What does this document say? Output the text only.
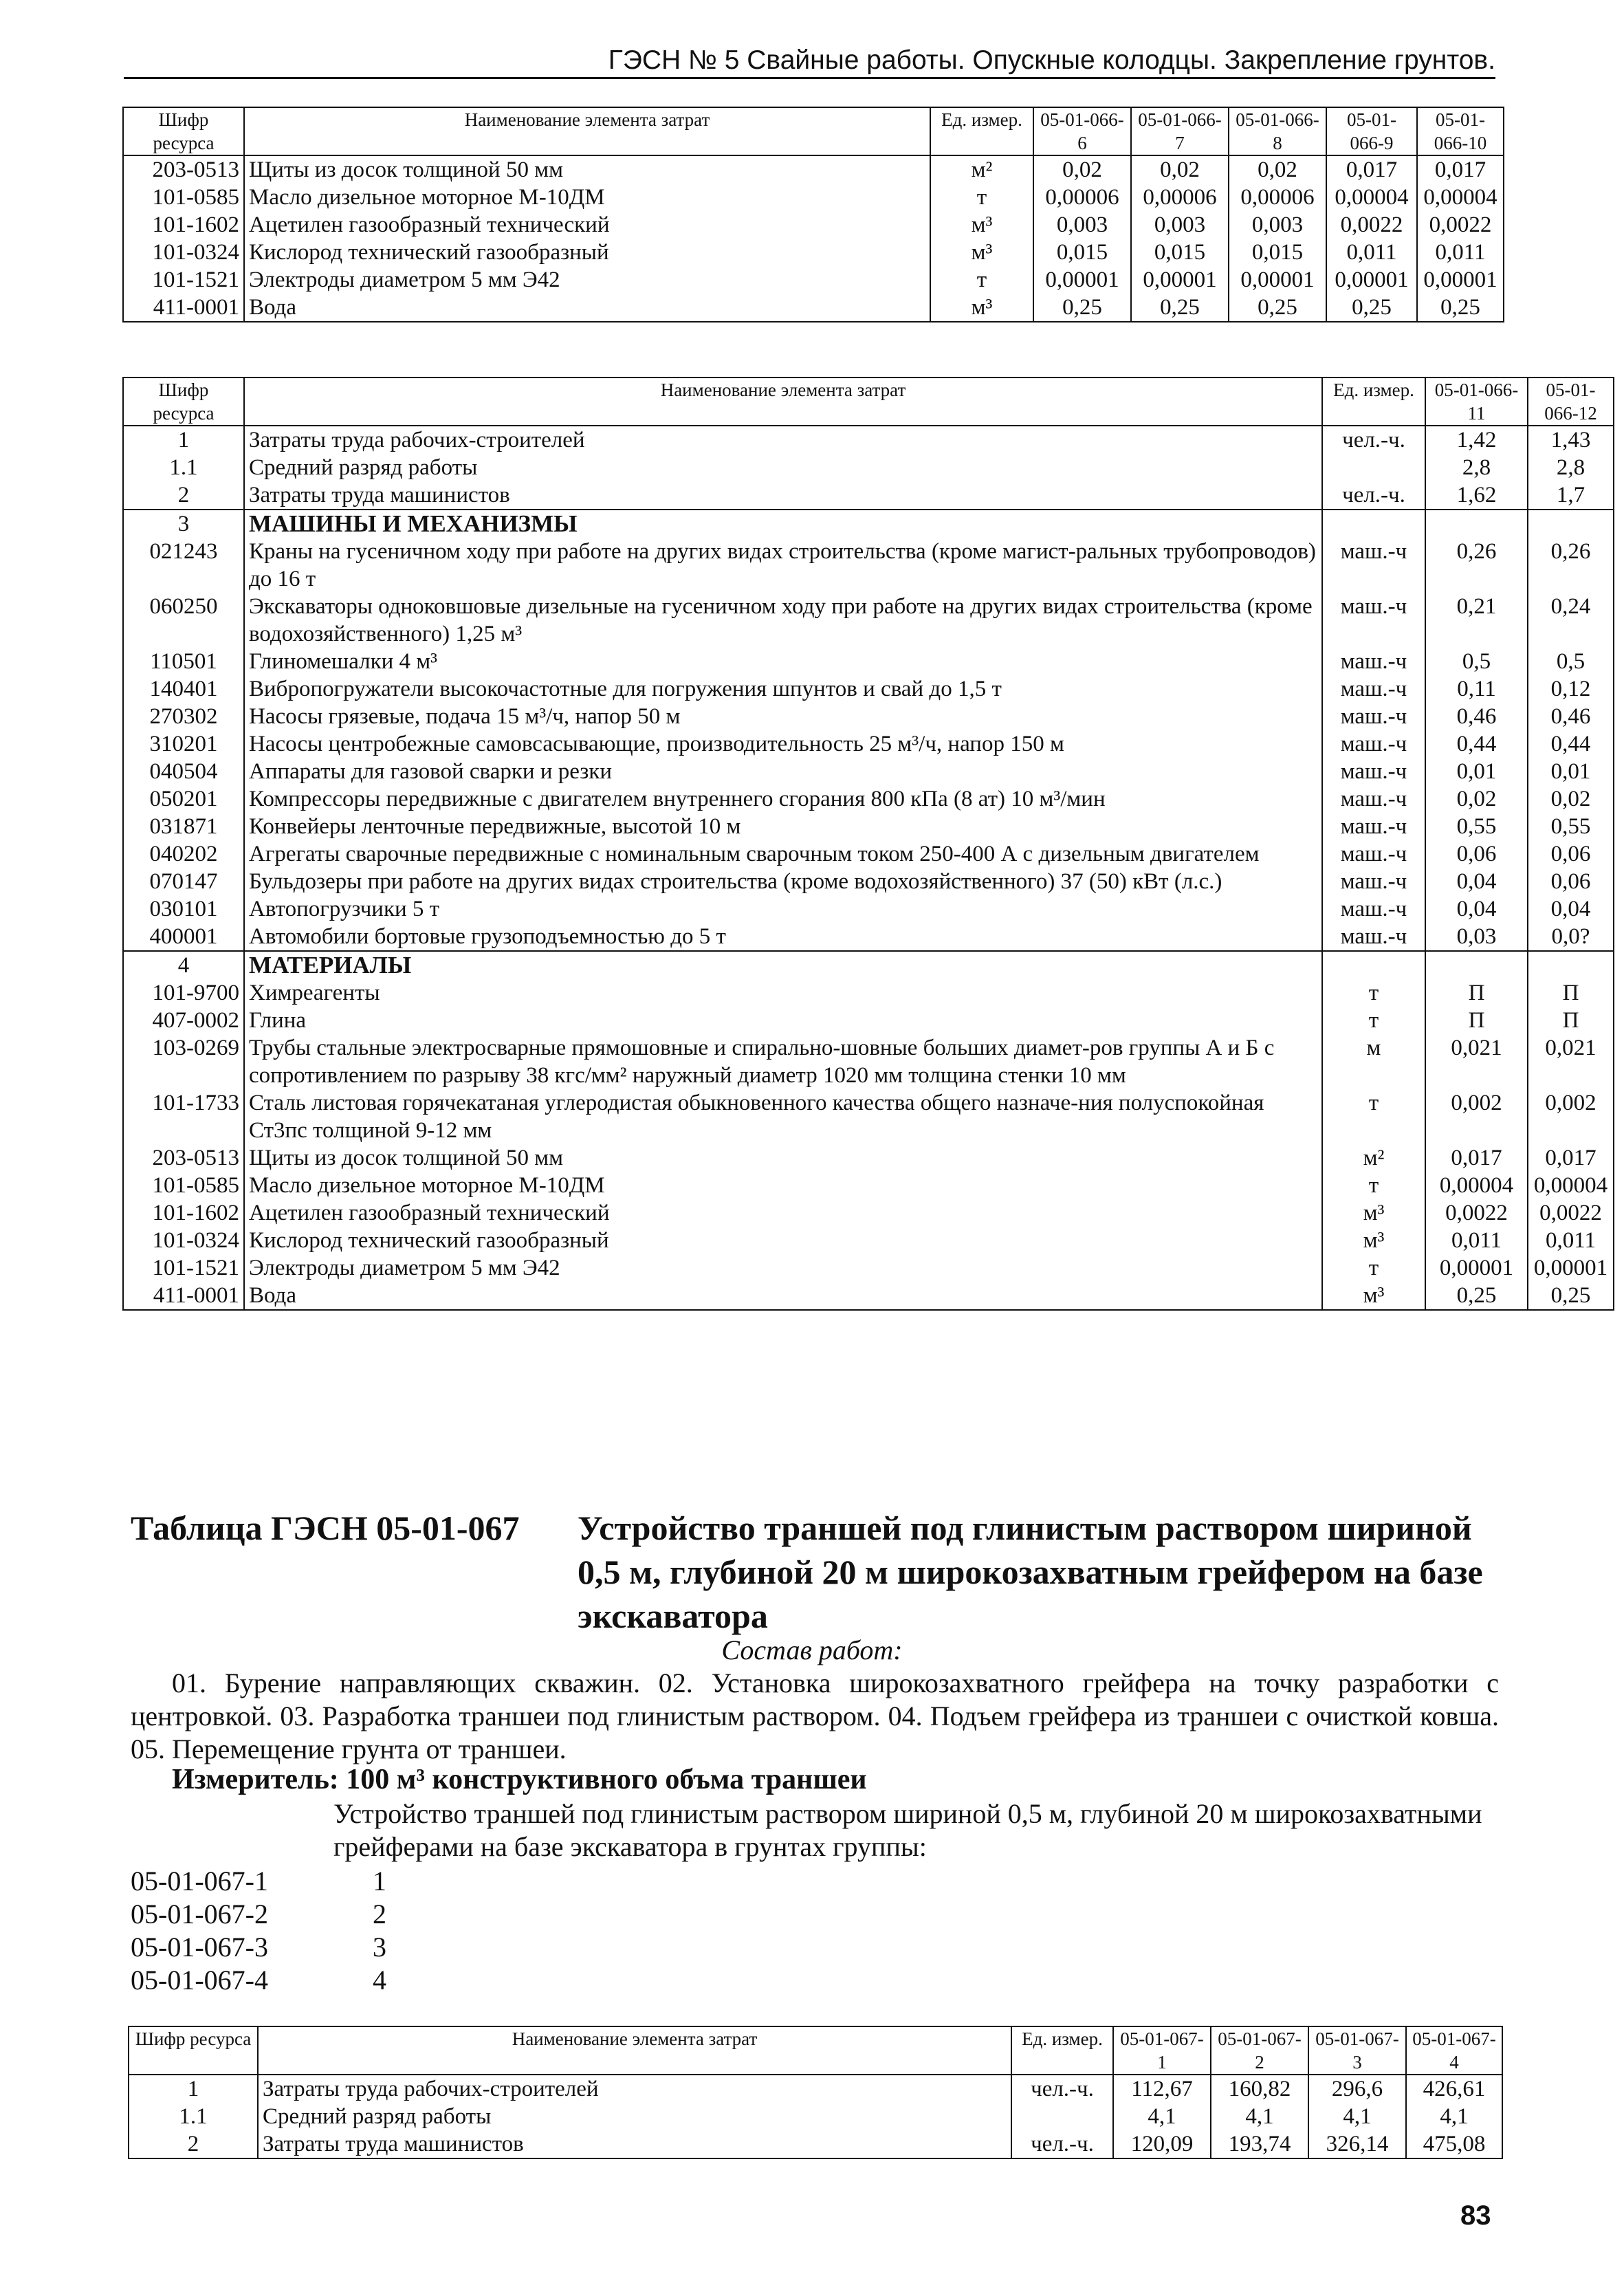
ГЭСН № 5 Свайные работы. Опускные колодцы. Закрепление грунтов.
Шифр ресурса	Наименование элемента затрат	Ед. измер.	05-01-066-6	05-01-066-7	05-01-066-8	05-01-066-9	05-01-066-10
203-0513	Щиты из досок толщиной 50 мм	м²	0,02	0,02	0,02	0,017	0,017
101-0585	Масло дизельное моторное М-10ДМ	т	0,00006	0,00006	0,00006	0,00004	0,00004
101-1602	Ацетилен газообразный технический	м³	0,003	0,003	0,003	0,0022	0,0022
101-0324	Кислород технический газообразный	м³	0,015	0,015	0,015	0,011	0,011
101-1521	Электроды диаметром 5 мм Э42	т	0,00001	0,00001	0,00001	0,00001	0,00001
411-0001	Вода	м³	0,25	0,25	0,25	0,25	0,25
Шифр ресурса	Наименование элемента затрат	Ед. измер.	05-01-066-11	05-01-066-12
1	Затраты труда рабочих-строителей	чел.-ч.	1,42	1,43
1.1	Средний разряд работы		2,8	2,8
2	Затраты труда машинистов	чел.-ч.	1,62	1,7
3	МАШИНЫ И МЕХАНИЗМЫ			
021243	Краны на гусеничном ходу при работе на других видах строительства (кроме магист-ральных трубопроводов) до 16 т	маш.-ч	0,26	0,26
060250	Экскаваторы одноковшовые дизельные на гусеничном ходу при работе на других видах строительства (кроме водохозяйственного) 1,25 м³	маш.-ч	0,21	0,24
110501	Глиномешалки 4 м³	маш.-ч	0,5	0,5
140401	Вибропогружатели высокочастотные для погружения шпунтов и свай до 1,5 т	маш.-ч	0,11	0,12
270302	Насосы грязевые, подача 15 м³/ч, напор 50 м	маш.-ч	0,46	0,46
310201	Насосы центробежные самовсасывающие, производительность 25 м³/ч, напор 150 м	маш.-ч	0,44	0,44
040504	Аппараты для газовой сварки и резки	маш.-ч	0,01	0,01
050201	Компрессоры передвижные с двигателем внутреннего сгорания 800 кПа (8 ат) 10 м³/мин	маш.-ч	0,02	0,02
031871	Конвейеры ленточные передвижные, высотой 10 м	маш.-ч	0,55	0,55
040202	Агрегаты сварочные передвижные с номинальным сварочным током 250-400 А с дизельным двигателем	маш.-ч	0,06	0,06
070147	Бульдозеры при работе на других видах строительства (кроме водохозяйственного) 37 (50) кВт (л.с.)	маш.-ч	0,04	0,06
030101	Автопогрузчики 5 т	маш.-ч	0,04	0,04
400001	Автомобили бортовые грузоподъемностью до 5 т	маш.-ч	0,03	0,0?
4	МАТЕРИАЛЫ			
101-9700	Химреагенты	т	П	П
407-0002	Глина	т	П	П
103-0269	Трубы стальные электросварные прямошовные и спирально-шовные больших диамет-ров группы А и Б с сопротивлением по разрыву 38 кгс/мм² наружный диаметр 1020 мм толщина стенки 10 мм	м	0,021	0,021
101-1733	Сталь листовая горячекатаная углеродистая обыкновенного качества общего назначе-ния полуспокойная Ст3пс толщиной 9-12 мм	т	0,002	0,002
203-0513	Щиты из досок толщиной 50 мм	м²	0,017	0,017
101-0585	Масло дизельное моторное М-10ДМ	т	0,00004	0,00004
101-1602	Ацетилен газообразный технический	м³	0,0022	0,0022
101-0324	Кислород технический газообразный	м³	0,011	0,011
101-1521	Электроды диаметром 5 мм Э42	т	0,00001	0,00001
411-0001	Вода	м³	0,25	0,25
Таблица ГЭСН 05-01-067 Устройство траншей под глинистым раствором шириной 0,5 м, глубиной 20 м широкозахватным грейфером на базе экскаватора
Состав работ:
01. Бурение направляющих скважин. 02. Установка широкозахватного грейфера на точку разработки с центровкой. 03. Разработка траншеи под глинистым раствором. 04. Подъем грейфера из траншеи с очисткой ковша. 05. Перемещение грунта от траншеи.
Измеритель: 100 м³ конструктивного объма траншеи
Устройство траншей под глинистым раствором шириной 0,5 м, глубиной 20 м широкозахватными грейферами на базе экскаватора в грунтах группы:
05-01-067-1	1
05-01-067-2	2
05-01-067-3	3
05-01-067-4	4
Шифр ресурса	Наименование элемента затрат	Ед. измер.	05-01-067-1	05-01-067-2	05-01-067-3	05-01-067-4
1	Затраты труда рабочих-строителей	чел.-ч.	112,67	160,82	296,6	426,61
1.1	Средний разряд работы		4,1	4,1	4,1	4,1
2	Затраты труда машинистов	чел.-ч.	120,09	193,74	326,14	475,08
83
